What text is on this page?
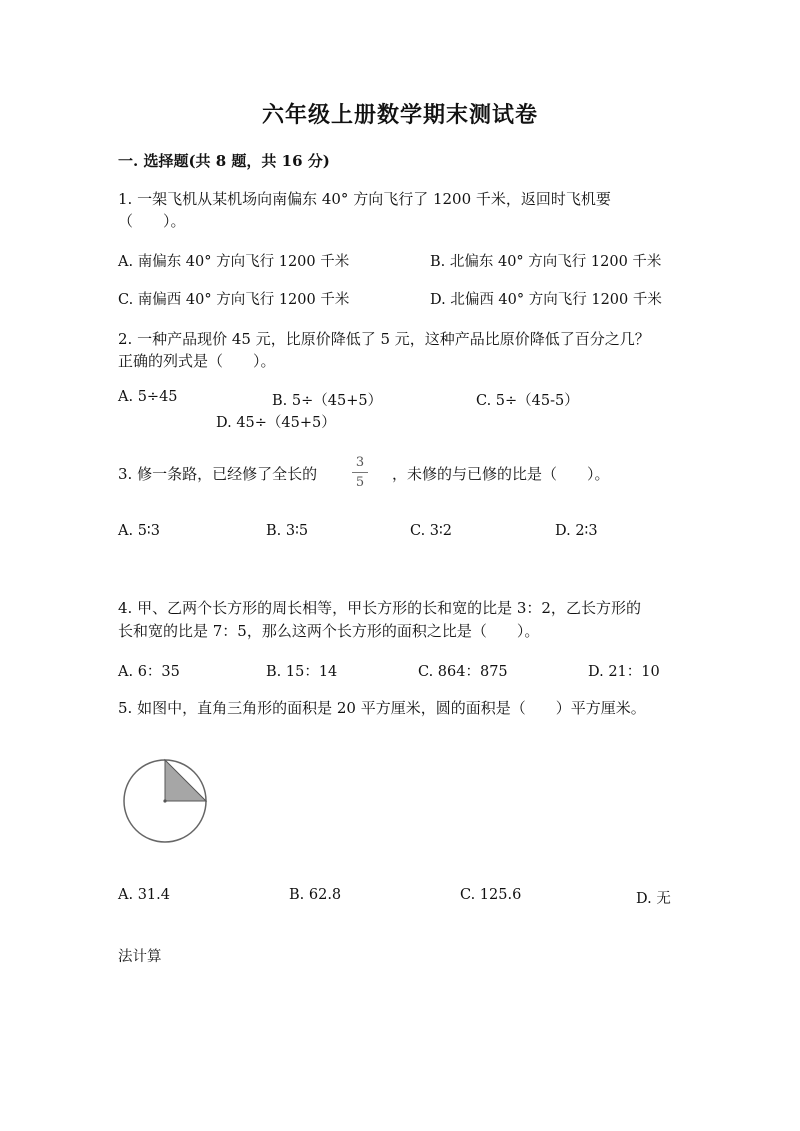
六年级上册数学期末测试卷
一. 选择题(共 8 题，共 16 分)
1. 一架飞机从某机场向南偏东 40° 方向飞行了 1200 千米，返回时飞机要
（　　）。
A. 南偏东 40° 方向飞行 1200 千米	B. 北偏东 40° 方向飞行 1200 千米
C. 南偏西 40° 方向飞行 1200 千米	D. 北偏西 40° 方向飞行 1200 千米
2. 一种产品现价 45 元，比原价降低了 5 元，这种产品比原价降低了百分之几？
正确的列式是（　　）。
A. 5÷45	B. 5÷（45+5）	C. 5÷（45-5）
D. 45÷（45+5）
3. 修一条路，已经修了全长的
3
5 ，未修的与已修的比是（　　）。
A. 5∶3	B. 3∶5	C. 3∶2	D. 2∶3
4. 甲、乙两个长方形的周长相等，甲长方形的长和宽的比是 3：2，乙长方形的
长和宽的比是 7：5，那么这两个长方形的面积之比是（　　）。
A. 6：35	B. 15：14	C. 864：875	D. 21：10
5. 如图中，直角三角形的面积是 20 平方厘米，圆的面积是（　　）平方厘米。
A. 31.4	B. 62.8	C. 125.6	D. 无
法计算
